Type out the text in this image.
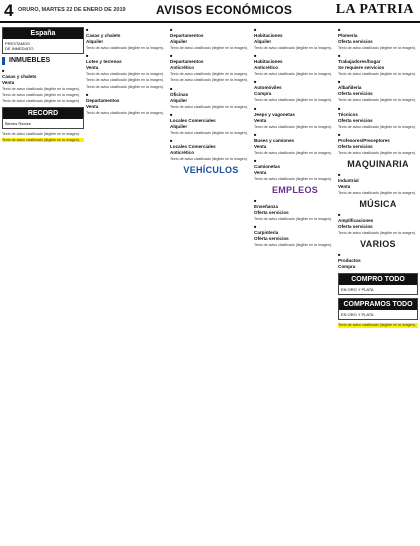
4 ORURO, MARTES 22 DE ENERO DE 2019	AVISOS ECONÓMICOS	LA PATRIA
España
PRESTAMOS
DE INMEDIATO
INMUEBLES
■ Casas y chalets
Venta
Texto de aviso clasificado (ilegible en la imagen).
Texto de aviso clasificado (ilegible en la imagen).
Texto de aviso clasificado (ilegible en la imagen).
RECORD
Bienes Raíces
Texto de aviso clasificado (ilegible en la imagen).
Texto de aviso clasificado (ilegible en la imagen).
■ Casas y chalets
Alquiler
Texto de aviso clasificado (ilegible en la imagen).
■ Lotes y terrenos
Venta
Texto de aviso clasificado (ilegible en la imagen).
Texto de aviso clasificado (ilegible en la imagen).
Texto de aviso clasificado (ilegible en la imagen).
■ Departamentos
Venta
Texto de aviso clasificado (ilegible en la imagen).
■ Departamentos
Alquiler
Texto de aviso clasificado (ilegible en la imagen).
■ Departamentos
Anticrético
Texto de aviso clasificado (ilegible en la imagen).
Texto de aviso clasificado (ilegible en la imagen).
■ Oficinas
Alquiler
Texto de aviso clasificado (ilegible en la imagen).
■ Locales Comerciales
Alquiler
Texto de aviso clasificado (ilegible en la imagen).
■ Locales Comerciales
Anticrético
Texto de aviso clasificado (ilegible en la imagen).
VEHÍCULOS
■ Habitaciones
Alquiler
Texto de aviso clasificado (ilegible en la imagen).
■ Habitaciones
Anticrético
Texto de aviso clasificado (ilegible en la imagen).
■ Automóviles
Compra
Texto de aviso clasificado (ilegible en la imagen).
■ Jeeps y vagonetas
Venta
Texto de aviso clasificado (ilegible en la imagen).
■ Buses y camiones
Venta
Texto de aviso clasificado (ilegible en la imagen).
■ Camionetas
Venta
Texto de aviso clasificado (ilegible en la imagen).
EMPLEOS
■ Enseñanza
Oferta servicios
Texto de aviso clasificado (ilegible en la imagen).
■ Carpintería
Oferta servicios
Texto de aviso clasificado (ilegible en la imagen).
■ Plomería
Oferta servicios
Texto de aviso clasificado (ilegible en la imagen).
■ Trabajadores/hogar
Se requiere servicios
Texto de aviso clasificado (ilegible en la imagen).
■ Albañilería
Oferta servicios
Texto de aviso clasificado (ilegible en la imagen).
■ Técnicos
Oferta servicios
Texto de aviso clasificado (ilegible en la imagen).
■ Profesores/Preceptores
Oferta servicios
Texto de aviso clasificado (ilegible en la imagen).
MAQUINARIA
■ Industrial
Venta
Texto de aviso clasificado (ilegible en la imagen).
MÚSICA
■ Amplificaciones
Oferta servicios
Texto de aviso clasificado (ilegible en la imagen).
VARIOS
■ Productos
Compra
COMPRO TODO
EN ORO Y PLATA
COMPRAMOS TODO
EN ORO Y PLATA
Texto de aviso clasificado (ilegible en la imagen).
